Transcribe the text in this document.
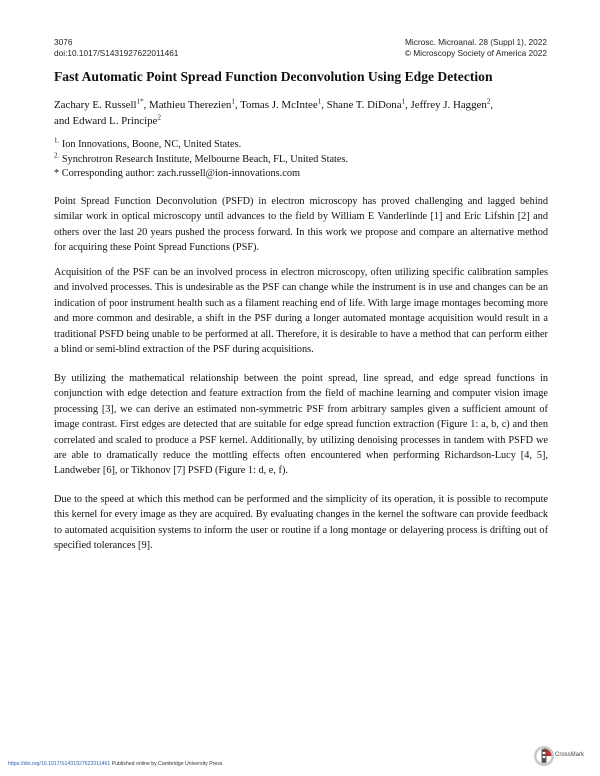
3076
doi:10.1017/S1431927622011461
Microsc. Microanal. 28 (Suppl 1), 2022
© Microscopy Society of America 2022
Fast Automatic Point Spread Function Deconvolution Using Edge Detection
Zachary E. Russell$^{1*}$, Mathieu Therezien$^1$, Tomas J. McIntee$^1$, Shane T. DiDona$^1$, Jeffrey J. Haggen$^2$,
and Edward L. Principe$^2$
$^{1.}$ Ion Innovations, Boone, NC, United States.
$^{2.}$ Synchrotron Research Institute, Melbourne Beach, FL, United States.
* Corresponding author: zach.russell@ion-innovations.com
Point Spread Function Deconvolution (PSFD) in electron microscopy has proved challenging and lagged behind similar work in optical microscopy until advances to the field by William E Vanderlinde [1] and Eric Lifshin [2] and others over the last 20 years pushed the process forward. In this work we propose and compare an alternative method for acquiring these Point Spread Functions (PSF).
Acquisition of the PSF can be an involved process in electron microscopy, often utilizing specific calibration samples and involved processes. This is undesirable as the PSF can change while the instrument is in use and changes can be an indication of poor instrument health such as a filament reaching end of life. With large image montages becoming more and more common and desirable, a shift in the PSF during a longer automated montage acquisition would result in a traditional PSFD being unable to be performed at all. Therefore, it is desirable to have a method that can perform either a blind or semi-blind extraction of the PSF during acquisitions.
By utilizing the mathematical relationship between the point spread, line spread, and edge spread functions in conjunction with edge detection and feature extraction from the field of machine learning and computer vision image processing [3], we can derive an estimated non-symmetric PSF from arbitrary samples given a sufficient amount of image contrast. First edges are detected that are suitable for edge spread function extraction (Figure 1: a, b, c) and then correlated and scaled to produce a PSF kernel. Additionally, by utilizing denoising processes in tandem with PSFD we are able to dramatically reduce the mottling effects often encountered when performing Richardson-Lucy [4, 5], Landweber [6], or Tikhonov [7] PSFD (Figure 1: d, e, f).
Due to the speed at which this method can be performed and the simplicity of its operation, it is possible to recompute this kernel for every image as they are acquired. By evaluating changes in the kernel the software can provide feedback to automated acquisition systems to inform the user or routine if a long montage or delayering process is drifting out of specified tolerances [9].
https://doi.org/10.1017/S1431927622011461 Published online by Cambridge University Press
CrossMark
